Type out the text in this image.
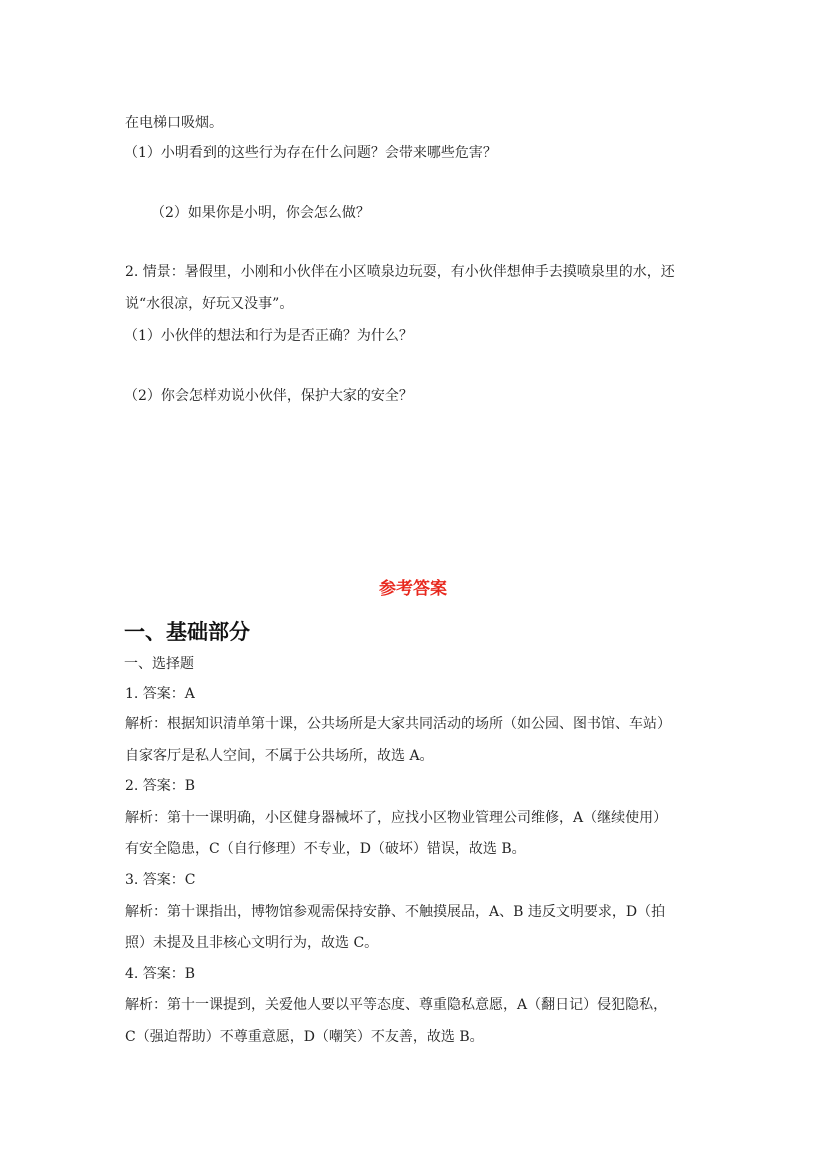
在电梯口吸烟。
（1）小明看到的这些行为存在什么问题？会带来哪些危害？
（2）如果你是小明，你会怎么做？
2. 情景：暑假里，小刚和小伙伴在小区喷泉边玩耍，有小伙伴想伸手去摸喷泉里的水，还
说“水很凉，好玩又没事”。
（1）小伙伴的想法和行为是否正确？为什么？
（2）你会怎样劝说小伙伴，保护大家的安全？
参考答案
一、基础部分
一、选择题
1. 答案：A
解析：根据知识清单第十课，公共场所是大家共同活动的场所（如公园、图书馆、车站）
自家客厅是私人空间，不属于公共场所，故选 A。
2. 答案：B
解析：第十一课明确，小区健身器械坏了，应找小区物业管理公司维修，A（继续使用）
有安全隐患，C（自行修理）不专业，D（破坏）错误，故选 B。
3. 答案：C
解析：第十课指出，博物馆参观需保持安静、不触摸展品，A、B 违反文明要求，D（拍
照）未提及且非核心文明行为，故选 C。
4. 答案：B
解析：第十一课提到，关爱他人要以平等态度、尊重隐私意愿，A（翻日记）侵犯隐私，
C（强迫帮助）不尊重意愿，D（嘲笑）不友善，故选 B。
